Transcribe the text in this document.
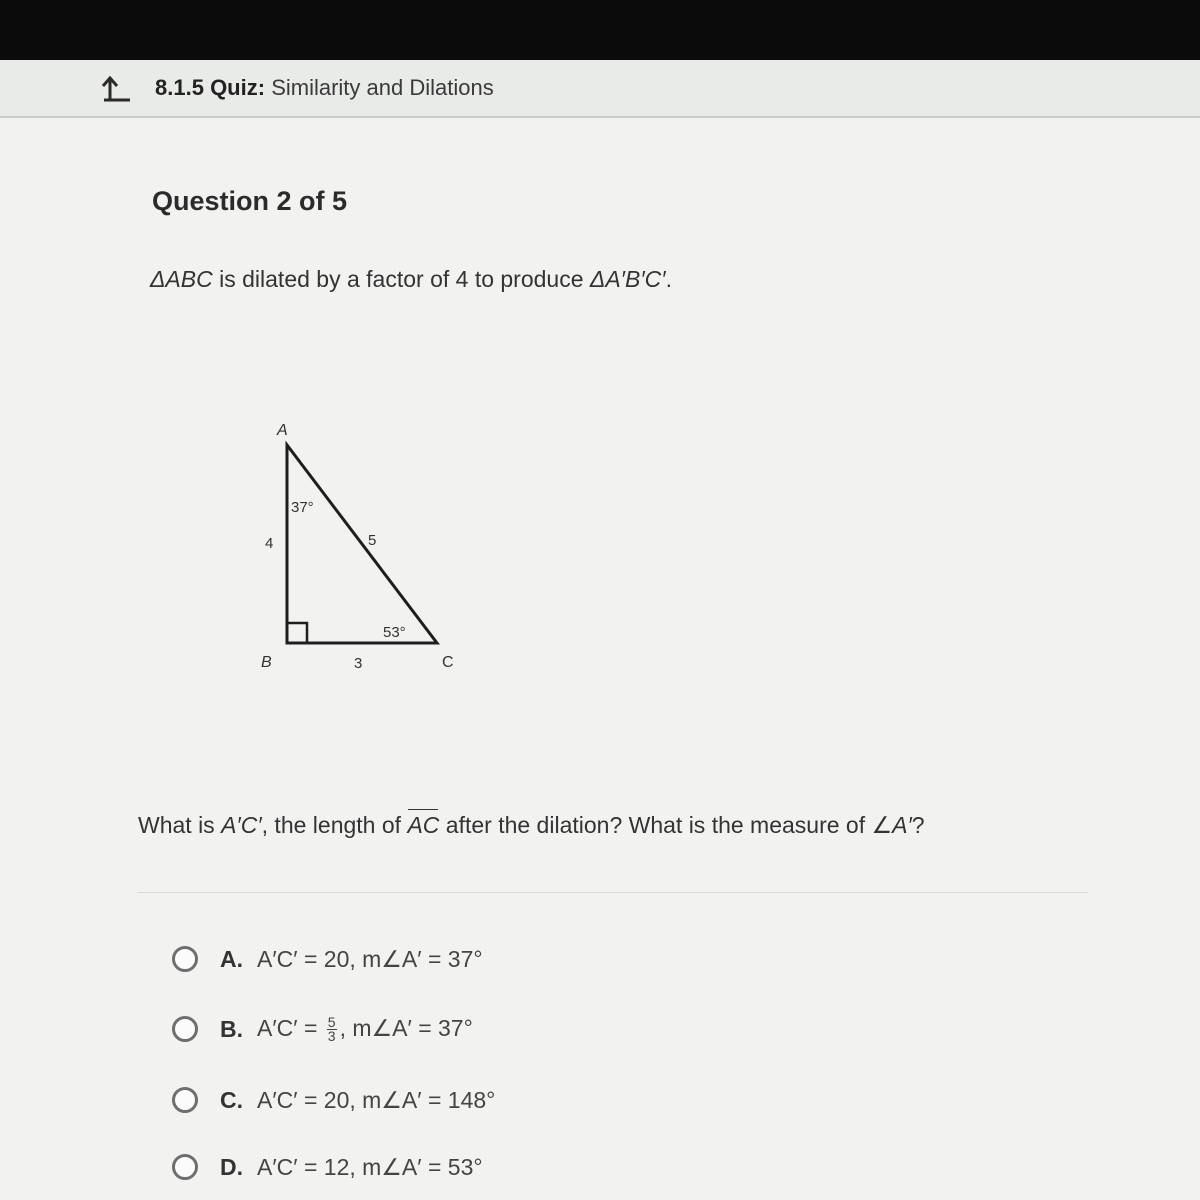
8.1.5 Quiz: Similarity and Dilations
Question 2 of 5
ΔABC is dilated by a factor of 4 to produce ΔA′B′C′.
A
B	C
4
3
5
37°
53°
What is A′C′, the length of AC after the dilation? What is the measure of ∠A′?
A. A′C′ = 20, m∠A′ = 37°
B. $A'C' = \frac{5}{3}$ , m∠A′ = 37°
C. A′C′ = 20, m∠A′ = 148°
D. A′C′ = 12, m∠A′ = 53°
